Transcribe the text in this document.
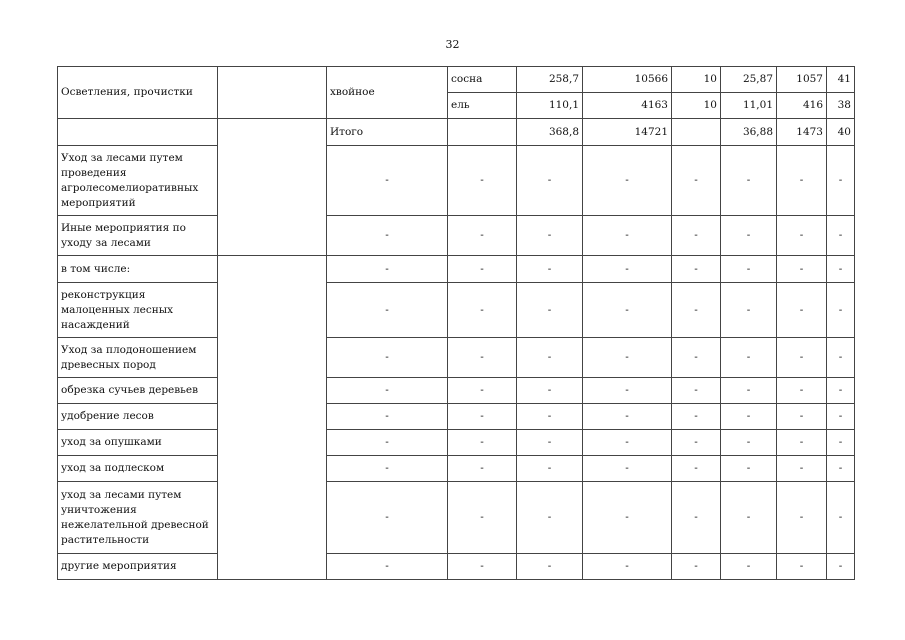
32
Осветления, прочистки		хвойное	сосна	258,7	10566	10	25,87	1057	41
			ель	110,1	4163	10	11,01	416	38
		Итого		368,8	14721		36,88	1473	40
Уход за лесами путем проведения агролесомелиоративных мероприятий		-	-	-	-	-	-	-	-
Иные мероприятия по уходу за лесами		-	-	-	-	-	-	-	-
в том числе:		-	-	-	-	-	-	-	-
реконструкция малоценных лесных насаждений		-	-	-	-	-	-	-	-
Уход за плодоношением древесных пород		-	-	-	-	-	-	-	-
обрезка сучьев деревьев		-	-	-	-	-	-	-	-
удобрение лесов		-	-	-	-	-	-	-	-
уход за опушками		-	-	-	-	-	-	-	-
уход за подлеском		-	-	-	-	-	-	-	-
уход за лесами путем уничтожения нежелательной древесной растительности		-	-	-	-	-	-	-	-
другие мероприятия		-	-	-	-	-	-	-	-
